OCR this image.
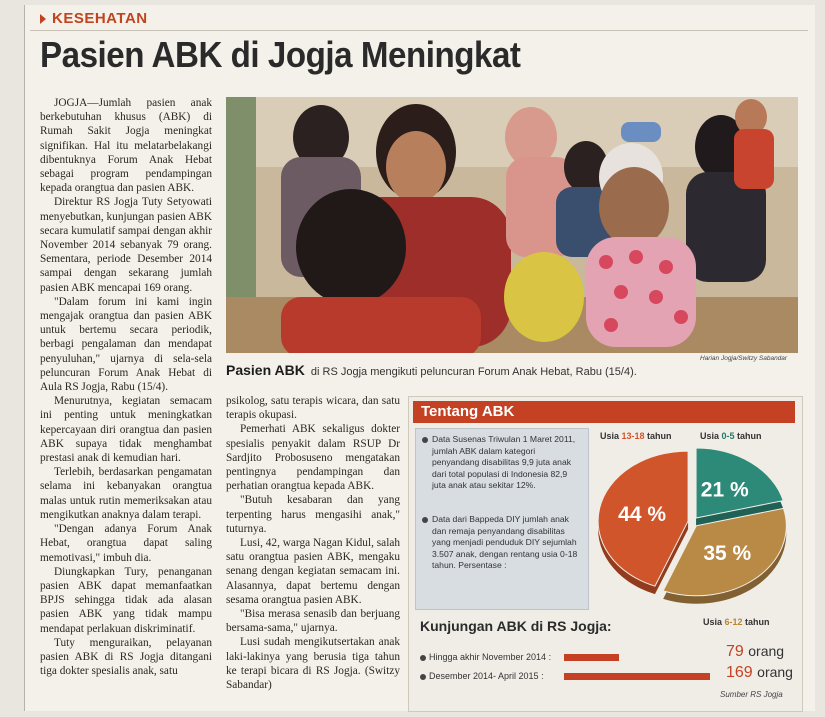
KESEHATAN
Pasien ABK di Jogja Meningkat

JOGJA—Jumlah pasien anak berkebutuhan khusus (ABK) di Rumah Sakit Jogja meningkat signifikan. Hal itu melatarbelakangi dibentuknya Forum Anak Hebat sebagai program pendampingan kepada orangtua dan pasien ABK.

Direktur RS Jogja Tuty Setyowati menyebutkan, kunjungan pasien ABK secara kumulatif sampai dengan akhir November 2014 sebanyak 79 orang. Sementara, periode Desember 2014 sampai dengan sekarang jumlah pasien ABK mencapai 169 orang.

"Dalam forum ini kami ingin mengajak orangtua dan pasien ABK untuk bertemu secara periodik, berbagi pengalaman dan mendapat penyuluhan," ujarnya di sela-sela peluncuran Forum Anak Hebat di Aula RS Jogja, Rabu (15/4).

Menurutnya, kegiatan semacam ini penting untuk meningkatkan kepercayaan diri orangtua dan pasien ABK supaya tidak menghambat prestasi anak di kemudian hari.

Terlebih, berdasarkan pengamatan selama ini kebanyakan orangtua malas untuk rutin memeriksakan atau mengikutkan anaknya dalam terapi.

"Dengan adanya Forum Anak Hebat, orangtua dapat saling memotivasi," imbuh dia.

Diungkapkan Tury, penanganan pasien ABK dapat memanfaatkan BPJS sehingga tidak ada alasan pasien ABK yang tidak mampu mendapat perlakuan diskriminatif.

Tuty menguraikan, pelayanan pasien ABK di RS Jogja ditangani tiga dokter spesialis anak, satu

Harian Jogja/Switzy Sabandar
Pasien ABK di RS Jogja mengikuti peluncuran Forum Anak Hebat, Rabu (15/4).

psikolog, satu terapis wicara, dan satu terapis okupasi.

Pemerhati ABK sekaligus dokter spesialis penyakit dalam RSUP Dr Sardjito Probosuseno mengatakan pentingnya pendampingan dan perhatian orangtua kepada ABK.

"Butuh kesabaran dan yang terpenting harus mengasihi anak," tuturnya.

Lusi, 42, warga Nagan Kidul, salah satu orangtua pasien ABK, mengaku senang dengan kegiatan semacam ini. Alasannya, dapat bertemu dengan sesama orangtua pasien ABK.

"Bisa merasa senasib dan berjuang bersama-sama," ujarnya.

Lusi sudah mengikutsertakan anak laki-lakinya yang berusia tiga tahun ke terapi bicara di RS Jogja. (Switzy Sabandar)

Tentang ABK
Data Susenas Triwulan 1 Maret 2011, jumlah ABK dalam kategori penyandang disabilitas 9,9 juta anak dari total populasi di Indonesia 82,9 juta anak atau sekitar 12%.
Data dari Bappeda DIY jumlah anak dan remaja penyandang disabilitas yang menjadi penduduk DIY sejumlah 3.507 anak, dengan rentang usia 0-18 tahun. Persentase :
Usia 13-18 tahun	Usia 0-5 tahun
Usia 6-12 tahun
21 %
35 %
44 %
Kunjungan ABK di RS Jogja:
Hingga akhir November 2014 :
Desember 2014- April 2015 :
79 orang
169 orang
Sumber RS Jogja
